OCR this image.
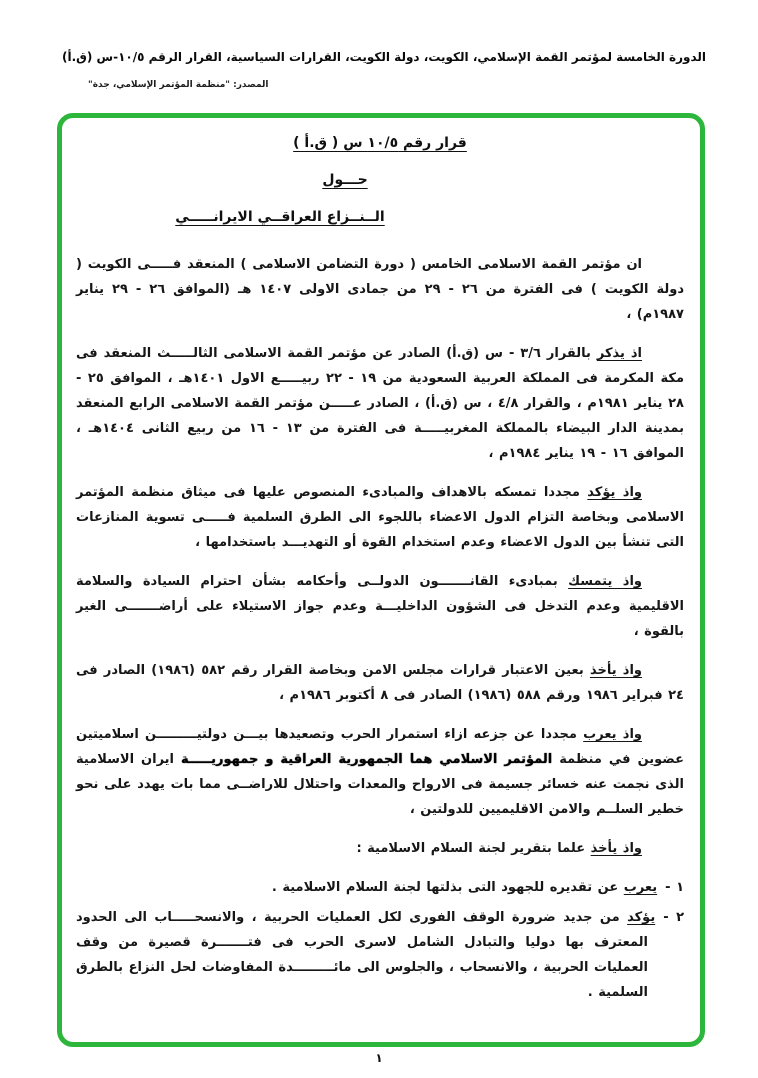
الدورة الخامسة لمؤتمر القمة الإسلامي، الكويت، دولة الكويت، القرارات السياسية، القرار الرقم ١٠/٥-س (ق.أ)
المصدر: "منظمة المؤتمر الإسلامي، جدة"
قرار رقم ١٠/٥ س ( ق.أ )
حـــول
الــنــزاع العراقــي الايرانـــــي
ان مؤتمر القمة الاسلامى الخامس ( دورة التضامن الاسلامى ) المنعقد فـــــى الكويت ( دولة الكويت ) فى الفترة من ٢٦ - ٢٩ من جمادى الاولى ١٤٠٧ هـ (الموافق ٢٦ - ٢٩ يناير ١٩٨٧م) ،
اذ يذكر بالقرار ٣/٦ - س (ق.أ) الصادر عن مؤتمر القمة الاسلامى الثالـــــث المنعقد فى مكة المكرمة فى المملكة العربية السعودية من ١٩ - ٢٢ ربيـــــع الاول ١٤٠١هـ ، الموافق ٢٥ - ٢٨ يناير ١٩٨١م ، والقرار ٤/٨ ، س (ق.أ) ، الصادر عـــــن مؤتمر القمة الاسلامى الرابع المنعقد بمدينة الدار البيضاء بالمملكة المغربيـــــة فى الفترة من ١٣ - ١٦ من ربيع الثانى ١٤٠٤هـ ، الموافق ١٦ - ١٩ يناير ١٩٨٤م ،
واذ يؤكد مجددا تمسكه بالاهداف والمبادىء المنصوص عليها فى ميثاق منظمة المؤتمر الاسلامى وبخاصة التزام الدول الاعضاء باللجوء الى الطرق السلمية فـــــى تسوية المنازعات التى تنشأ بين الدول الاعضاء وعدم استخدام القوة أو التهديـــد باستخدامها ،
واذ يتمسك بمبادىء القانـــــــون الدولــى وأحكامه بشأن احترام السيادة والسلامة الاقليمية وعدم التدخل فى الشؤون الداخليـــة وعدم جواز الاستيلاء على أراضـــــــى الغير بالقوة ،
واذ يأخذ بعين الاعتبار قرارات مجلس الامن وبخاصة القرار رقم ٥٨٢ (١٩٨٦) الصادر فى ٢٤ فبراير ١٩٨٦ ورقم ٥٨٨ (١٩٨٦) الصادر فى ٨ أكتوبر ١٩٨٦م ،
واذ يعرب مجددا عن جزعه ازاء استمرار الحرب وتصعيدها بيـــن دولتيـــــــــن اسلاميتين عضوين في منظمة المؤتمر الاسلامي هما الجمهورية العراقية و جمهوريـــــة ايران الاسلامية الذى نجمت عنه خسائر جسيمة فى الارواح والمعدات واحتلال للاراضــى مما بات يهدد على نحو خطير السلــم والامن الاقليميين للدولتين ،
واذ يأخذ علما بتقرير لجنة السلام الاسلامية :
١ -يعرب عن تقديره للجهود التى بذلتها لجنة السلام الاسلامية .
٢ -يؤكد من جديد ضرورة الوقف الفورى لكل العمليات الحربية ، والانسحـــــاب الى الحدود المعترف بها دوليا والتبادل الشامل لاسرى الحرب فى فتـــــــرة قصيرة من وقف العمليات الحربية ، والانسحاب ، والجلوس الى مائـــــــــدة المفاوضات لحل النزاع بالطرق السلمية .
١
